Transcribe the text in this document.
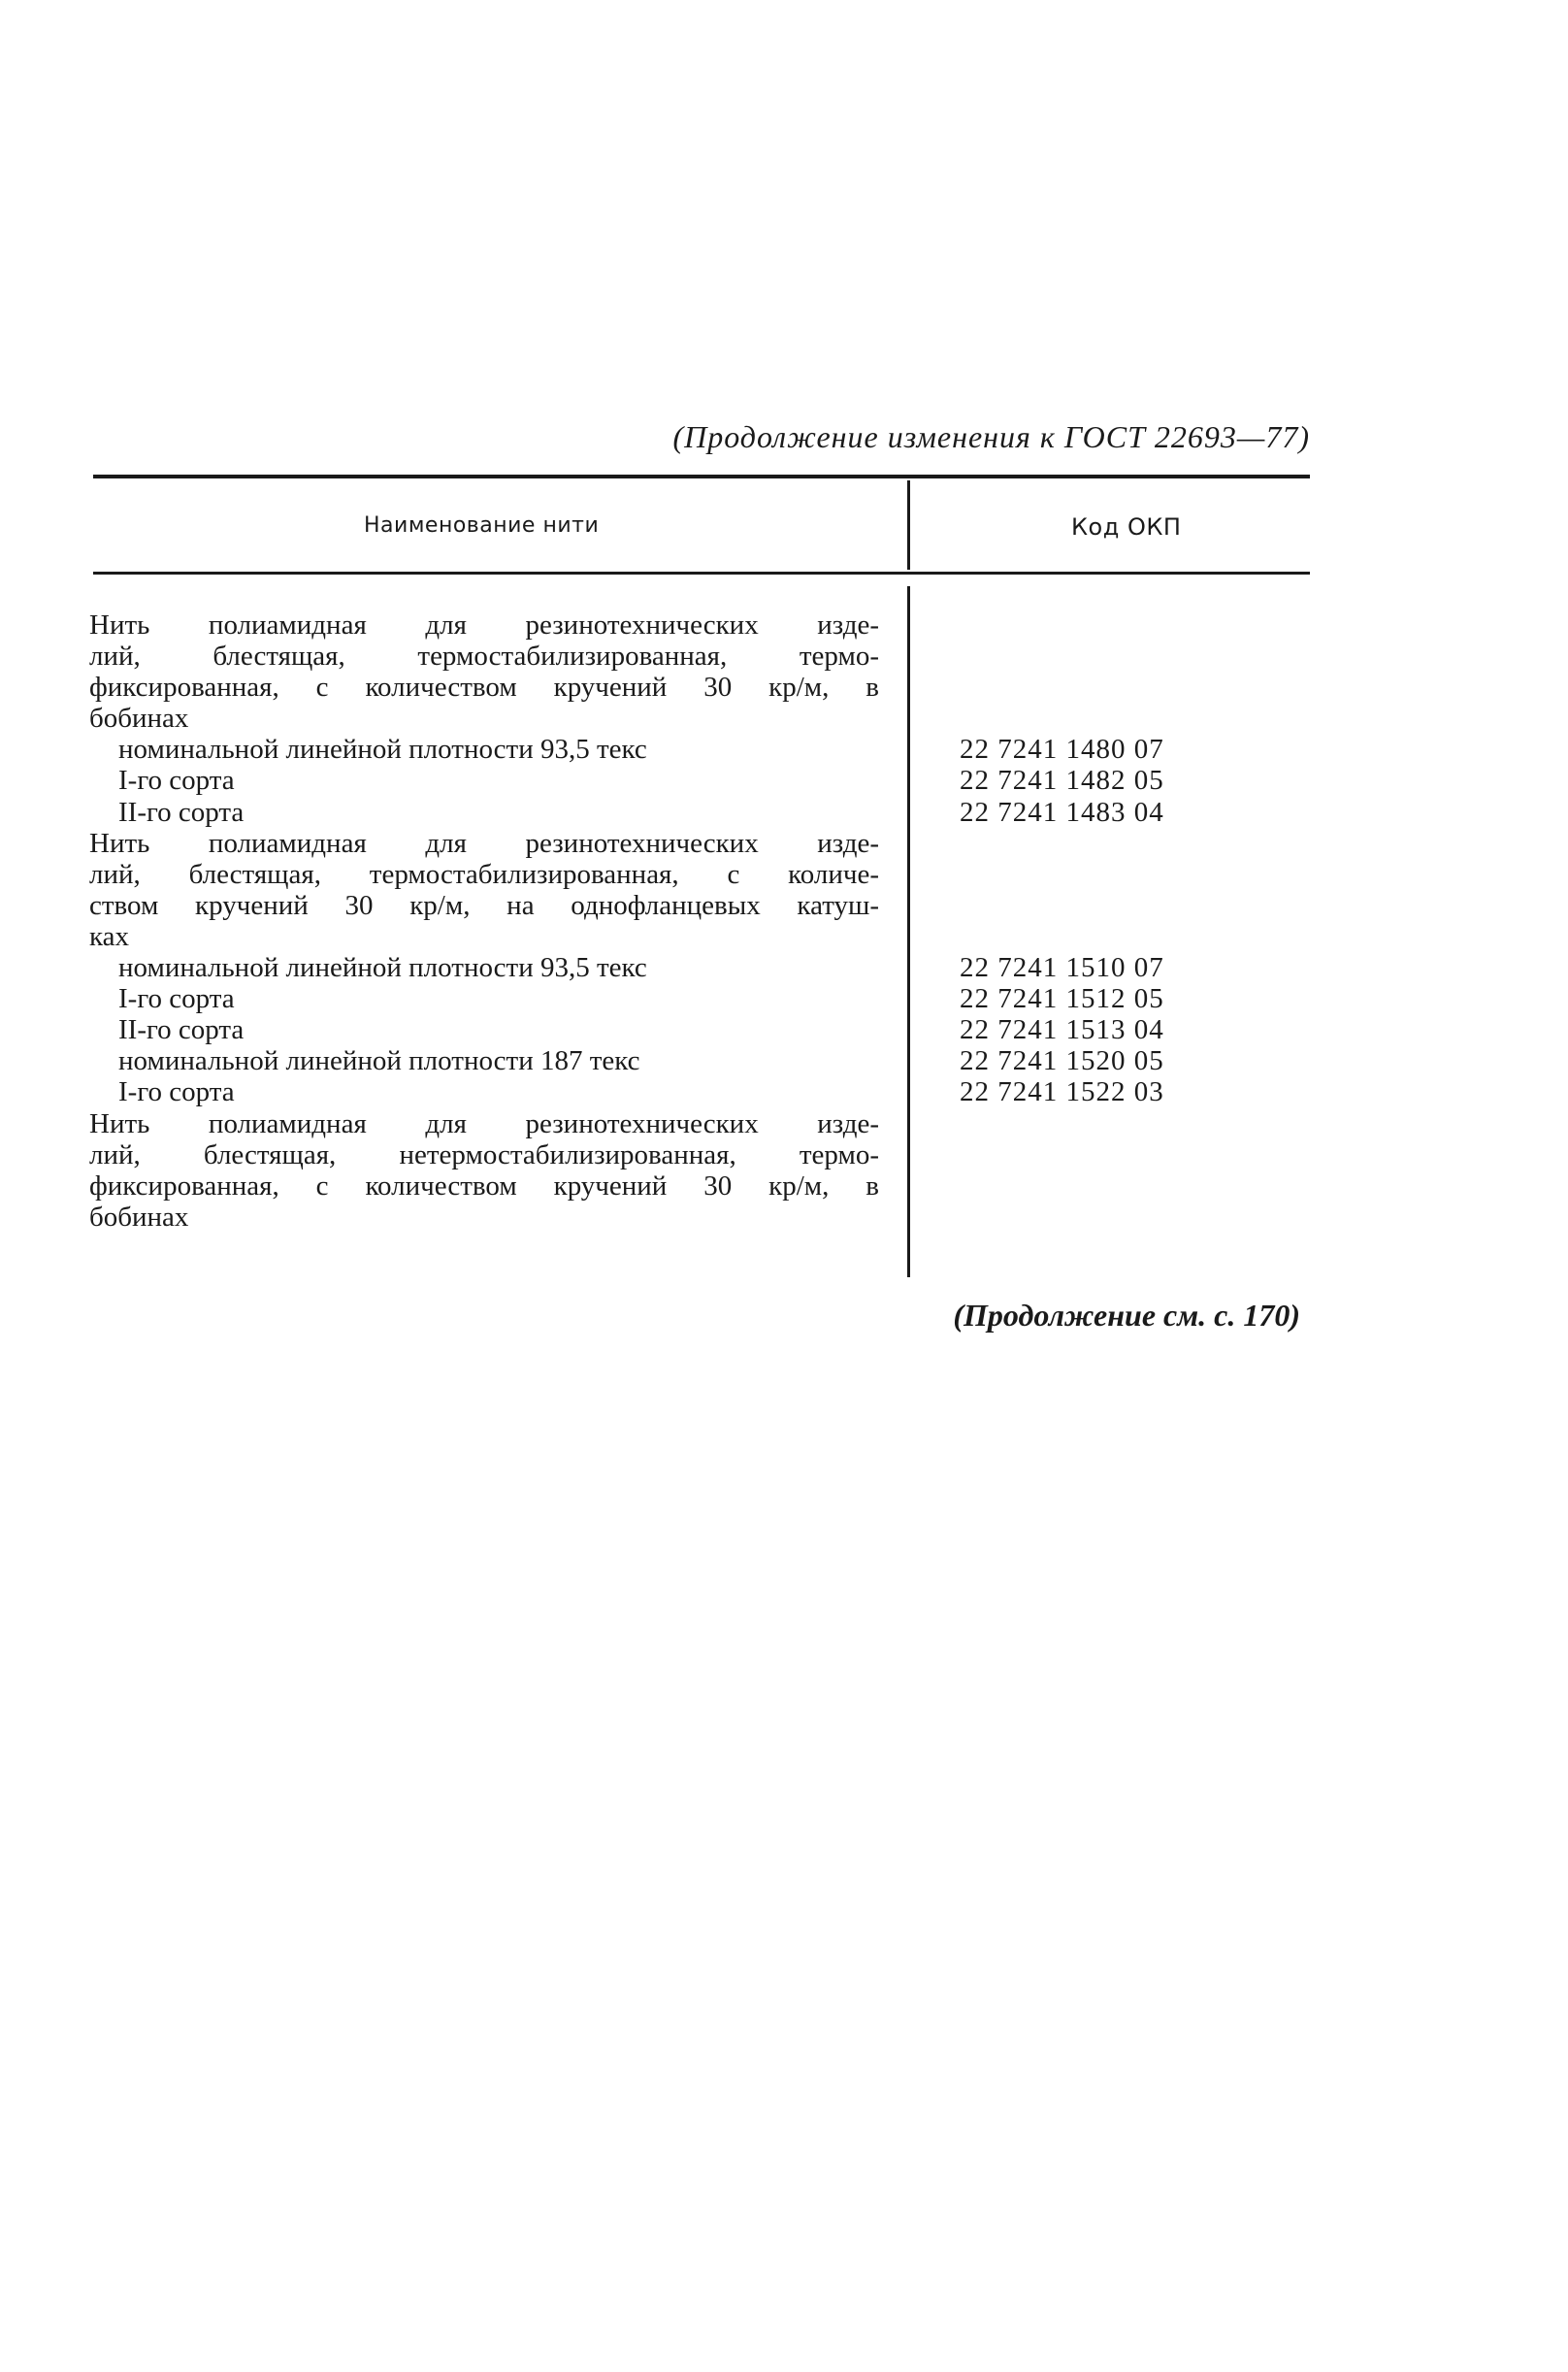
(Продолжение изменения к ГОСТ 22693—77)
Наименование нити	Код ОКП
Нить полиамидная для резинотехнических изде-
лий, блестящая, термостабилизированная, термо-
фиксированная, с количеством кручений 30 кр/м, в
бобинах
номинальной линейной плотности 93,5 текс	22 7241 1480 07
I-го сорта	22 7241 1482 05
II-го сорта	22 7241 1483 04
Нить полиамидная для резинотехнических изде-
лий, блестящая, термостабилизированная, с количе-
ством кручений 30 кр/м, на однофланцевых катуш-
ках
номинальной линейной плотности 93,5 текс	22 7241 1510 07
I-го сорта	22 7241 1512 05
II-го сорта	22 7241 1513 04
номинальной линейной плотности 187 текс	22 7241 1520 05
I-го сорта	22 7241 1522 03
Нить полиамидная для резинотехнических изде-
лий, блестящая, нетермостабилизированная, термо-
фиксированная, с количеством кручений 30 кр/м, в
бобинах
(Продолжение см. с. 170)
